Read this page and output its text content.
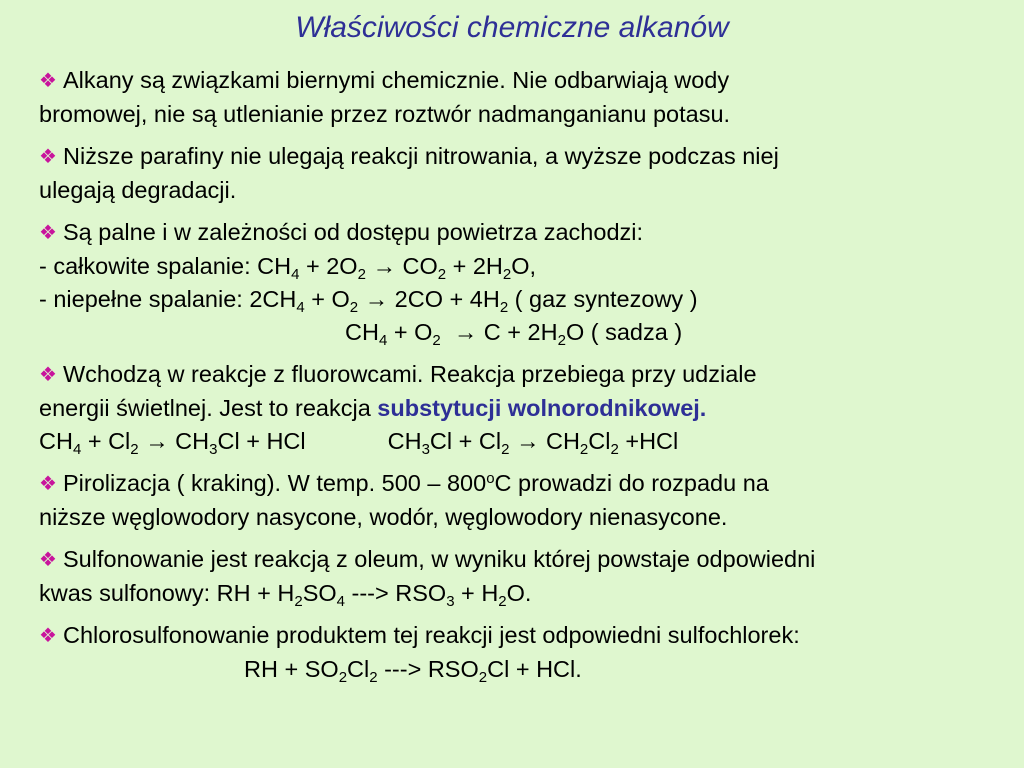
Właściwości chemiczne alkanów
❖ Alkany są związkami biernymi chemicznie. Nie odbarwiają wody
bromowej, nie są utlenianie przez roztwór nadmanganianu potasu.
❖ Niższe parafiny nie ulegają reakcji nitrowania, a wyższe podczas niej
ulegają degradacji.
❖ Są palne i w zależności od dostępu powietrza zachodzi:
- całkowite spalanie: $CH_4 + 2O_2 \to CO_2 + 2H_2O$,
- niepełne spalanie: $2CH_4 + O_2 \to 2CO + 4H_2$ ( gaz syntezowy )
$CH_4 + O_2 \to C + 2H_2O$ ( sadza )
❖ Wchodzą w reakcje z fluorowcami. Reakcja przebiega przy udziale
energii świetlnej. Jest to reakcja substytucji wolnorodnikowej.
$CH_4 + Cl_2 \to CH_3Cl$ + HCl	$CH_3Cl + Cl_2 \to CH_2Cl_2 +HCl$
❖ Pirolizacja ( kraking). W temp. 500 – 800$^o$C prowadzi do rozpadu na
niższe węglowodory nasycone, wodór, węglowodory nienasycone.
❖ Sulfonowanie jest reakcją z oleum, w wyniku której powstaje odpowiedni
kwas sulfonowy: RH + $H_2SO_4$ ---> $RSO_3 + H_2O$.
❖ Chlorosulfonowanie produktem tej reakcji jest odpowiedni sulfochlorek:
RH + $SO_2Cl_2$ ---> $RSO_2Cl$ + HCl.
